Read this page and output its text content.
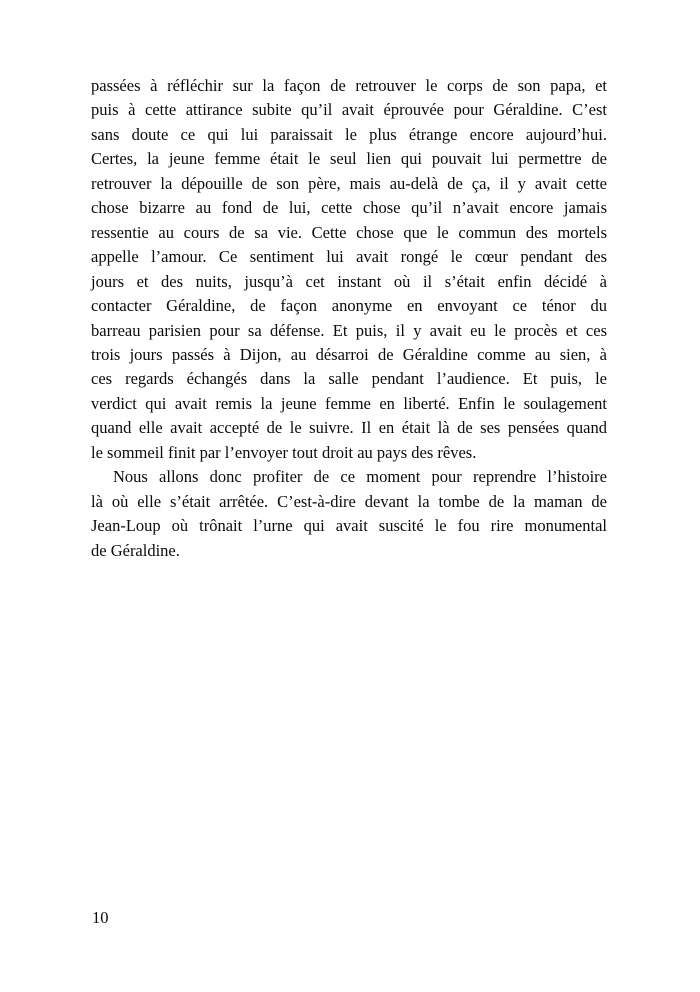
passées à réfléchir sur la façon de retrouver le corps de son papa, et
puis à cette attirance subite qu’il avait éprouvée pour Géraldine. C’est
sans doute ce qui lui paraissait le plus étrange encore aujourd’hui.
Certes, la jeune femme était le seul lien qui pouvait lui permettre de
retrouver la dépouille de son père, mais au-delà de ça, il y avait cette
chose bizarre au fond de lui, cette chose qu’il n’avait encore jamais
ressentie au cours de sa vie. Cette chose que le commun des mortels
appelle l’amour. Ce sentiment lui avait rongé le cœur pendant des
jours et des nuits, jusqu’à cet instant où il s’était enfin décidé à
contacter Géraldine, de façon anonyme en envoyant ce ténor du
barreau parisien pour sa défense. Et puis, il y avait eu le procès et ces
trois jours passés à Dijon, au désarroi de Géraldine comme au sien, à
ces regards échangés dans la salle pendant l’audience. Et puis, le
verdict qui avait remis la jeune femme en liberté. Enfin le soulagement
quand elle avait accepté de le suivre. Il en était là de ses pensées quand
le sommeil finit par l’envoyer tout droit au pays des rêves.
Nous allons donc profiter de ce moment pour reprendre l’histoire
là où elle s’était arrêtée. C’est-à-dire devant la tombe de la maman de
Jean-Loup où trônait l’urne qui avait suscité le fou rire monumental
de Géraldine.
10
